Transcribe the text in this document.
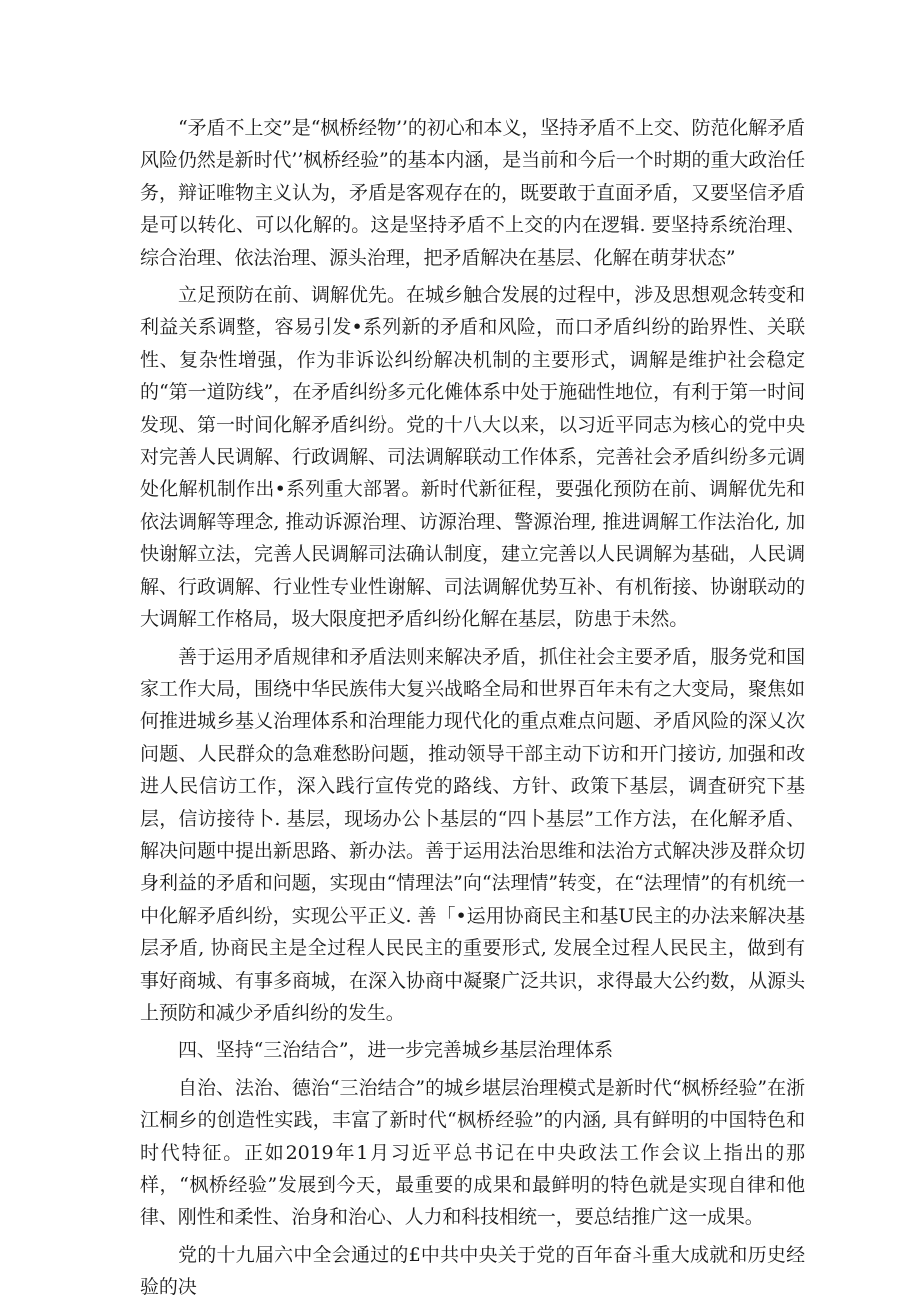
“矛盾不上交”是“枫桥经物’’的初心和本义，坚持矛盾不上交、防范化解矛盾风险仍然是新时代’’枫桥经验”的基本内涵，是当前和今后一个时期的重大政治任务，辩证唯物主义认为，矛盾是客观存在的，既要敢于直面矛盾，又要坚信矛盾是可以转化、可以化解的。这是坚持矛盾不上交的内在逻辑. 要坚持系统治理、综合治理、依法治理、源头治理，把矛盾解决在基层、化解在萌芽状态”

立足预防在前、调解优先。在城乡触合发展的过程中，涉及思想观念转变和利益关系调整，容易引发•系列新的矛盾和风险，而口矛盾纠纷的跆界性、关联性、复杂性增强，作为非诉讼纠纷解决机制的主要形式，调解是维护社会稳定的“第一道防线”，在矛盾纠纷多元化傩体系中处于施础性地位，有利于第一时间发现、第一时间化解矛盾纠纷。党的十八大以来，以习近平同志为核心的党中央对完善人民调解、行政调解、司法调解联动工作体系，完善社会矛盾纠纷多元调处化解机制作出•系列重大部署。新时代新征程，要强化预防在前、调解优先和依法调解等理念, 推动诉源治理、访源治理、警源治理, 推进调解工作法治化, 加快谢解立法，完善人民调解司法确认制度，建立完善以人民调解为基础，人民调解、行政调解、行业性专业性谢解、司法调解优势互补、有机衔接、协谢联动的大调解工作格局，圾大限度把矛盾纠纷化解在基层，防患于未然。

善于运用矛盾规律和矛盾法则来解决矛盾，抓住社会主要矛盾，服务党和国家工作大局，围绕中华民族伟大复兴战略全局和世界百年未有之大变局，聚焦如何推进城乡基乂治理体系和治理能力现代化的重点难点问题、矛盾风险的深乂次问题、人民群众的急难愁盼问题，推动领导干部主动下访和开门接访, 加强和改进人民信访工作，深入践行宣传党的路线、方针、政策下基层，调査研究下基层，信访接待卜. 基层，现场办公卜基层的“四卜基层”工作方法，在化解矛盾、解决问题中提出新思路、新办法。善于运用法治思维和法治方式解决涉及群众切身利益的矛盾和问题，实现由“情理法”向“法理情”转变，在“法理情”的有机统一中化解矛盾纠纷，实现公平正义. 善「•运用协商民主和基U民主的办法来解决基层矛盾, 协商民主是全过程人民民主的重要形式, 发展全过程人民民主，做到有事好商城、有事多商城，在深入协商中凝聚广泛共识，求得最大公约数，从源头上预防和减少矛盾纠纷的发生。

四、坚持“三治结合”，进一步完善城乡基层治理体系

自治、法治、德治“三治结合”的城乡堪层治理模式是新时代“枫桥经验”在浙江桐乡的创造性实践，丰富了新时代“枫桥经验”的内涵, 具有鲜明的中国特色和时代特征。正如2019年1月习近平总书记在中央政法工作会议上指出的那样，“枫桥经验”发展到今天，最重要的成果和最鲜明的特色就是实现自律和他律、刚性和柔性、治身和治心、人力和科技相统一，要总结推广这一成果。

党的十九届六中全会通过的£中共中央关于党的百年奋斗重大成就和历史经验的决
